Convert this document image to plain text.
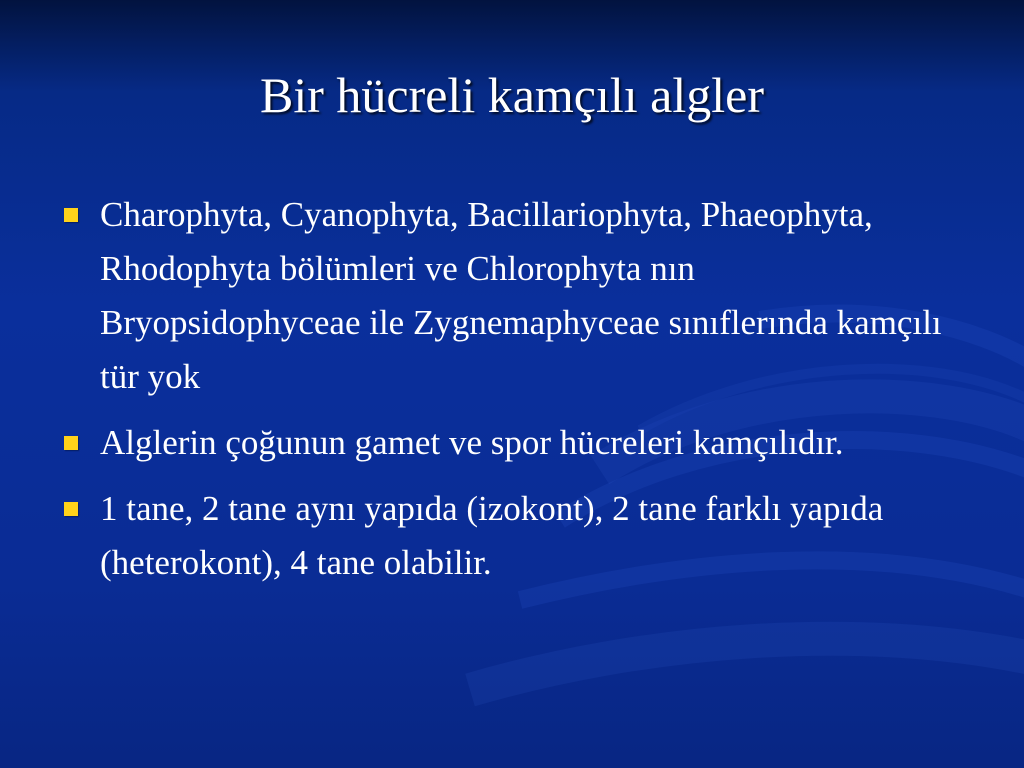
Bir hücreli kamçılı algler
Charophyta, Cyanophyta, Bacillariophyta, Phaeophyta, Rhodophyta bölümleri ve Chlorophyta nın Bryopsidophyceae ile Zygnemaphyceae sınıflerında kamçılı tür yok
Alglerin çoğunun gamet ve spor hücreleri kamçılıdır.
1 tane, 2 tane aynı yapıda (izokont), 2 tane farklı yapıda (heterokont), 4 tane olabilir.
